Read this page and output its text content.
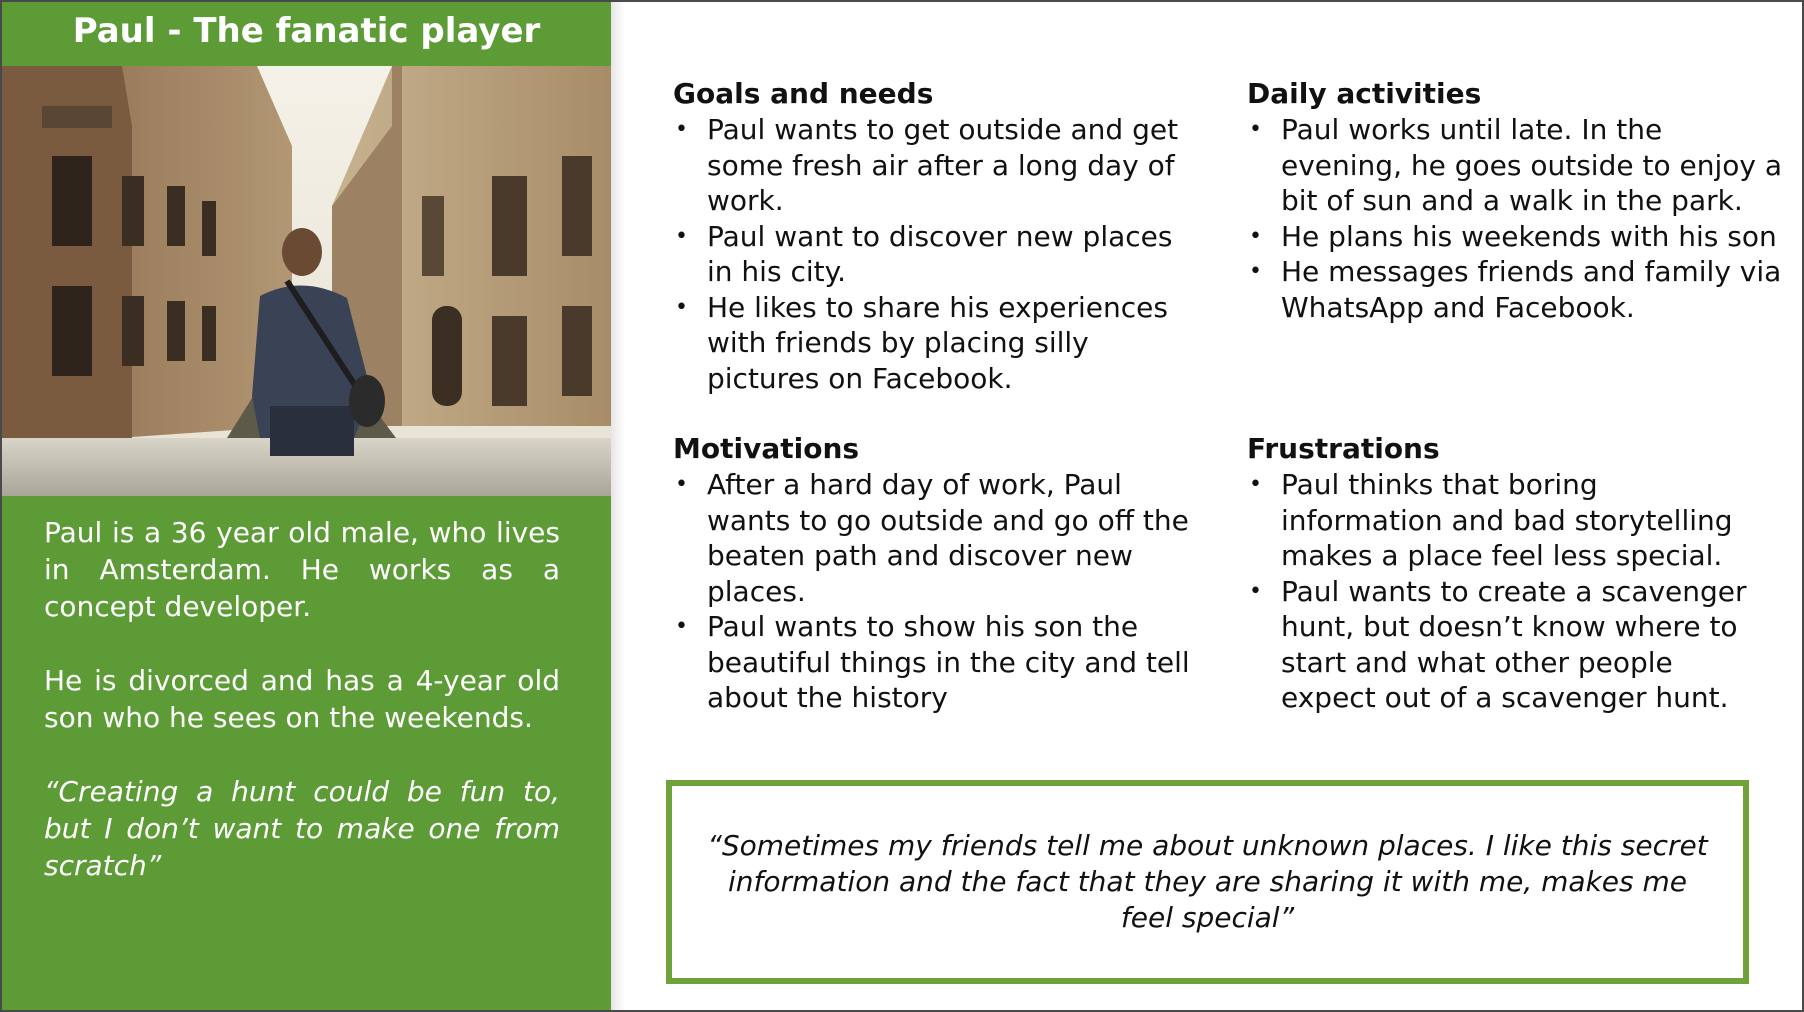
Paul - The fanatic player

Paul is a 36 year old male, who lives in Amsterdam. He works as a concept developer.

He is divorced and has a 4-year old son who he sees on the weekends.

“Creating a hunt could be fun to, but I don’t want to make one from scratch”

Goals and needs
• Paul wants to get outside and get some fresh air after a long day of work.
• Paul want to discover new places in his city.
• He likes to share his experiences with friends by placing silly pictures on Facebook.
Daily activities
• Paul works until late. In the evening, he goes outside to enjoy a bit of sun and a walk in the park.
• He plans his weekends with his son
• He messages friends and family via WhatsApp and Facebook.
Motivations
• After a hard day of work, Paul wants to go outside and go off the beaten path and discover new places.
• Paul wants to show his son the beautiful things in the city and tell about the history
Frustrations
• Paul thinks that boring information and bad storytelling makes a place feel less special.
• Paul wants to create a scavenger hunt, but doesn’t know where to start and what other people expect out of a scavenger hunt.
“Sometimes my friends tell me about unknown places. I like this secret information and the fact that they are sharing it with me, makes me feel special”
